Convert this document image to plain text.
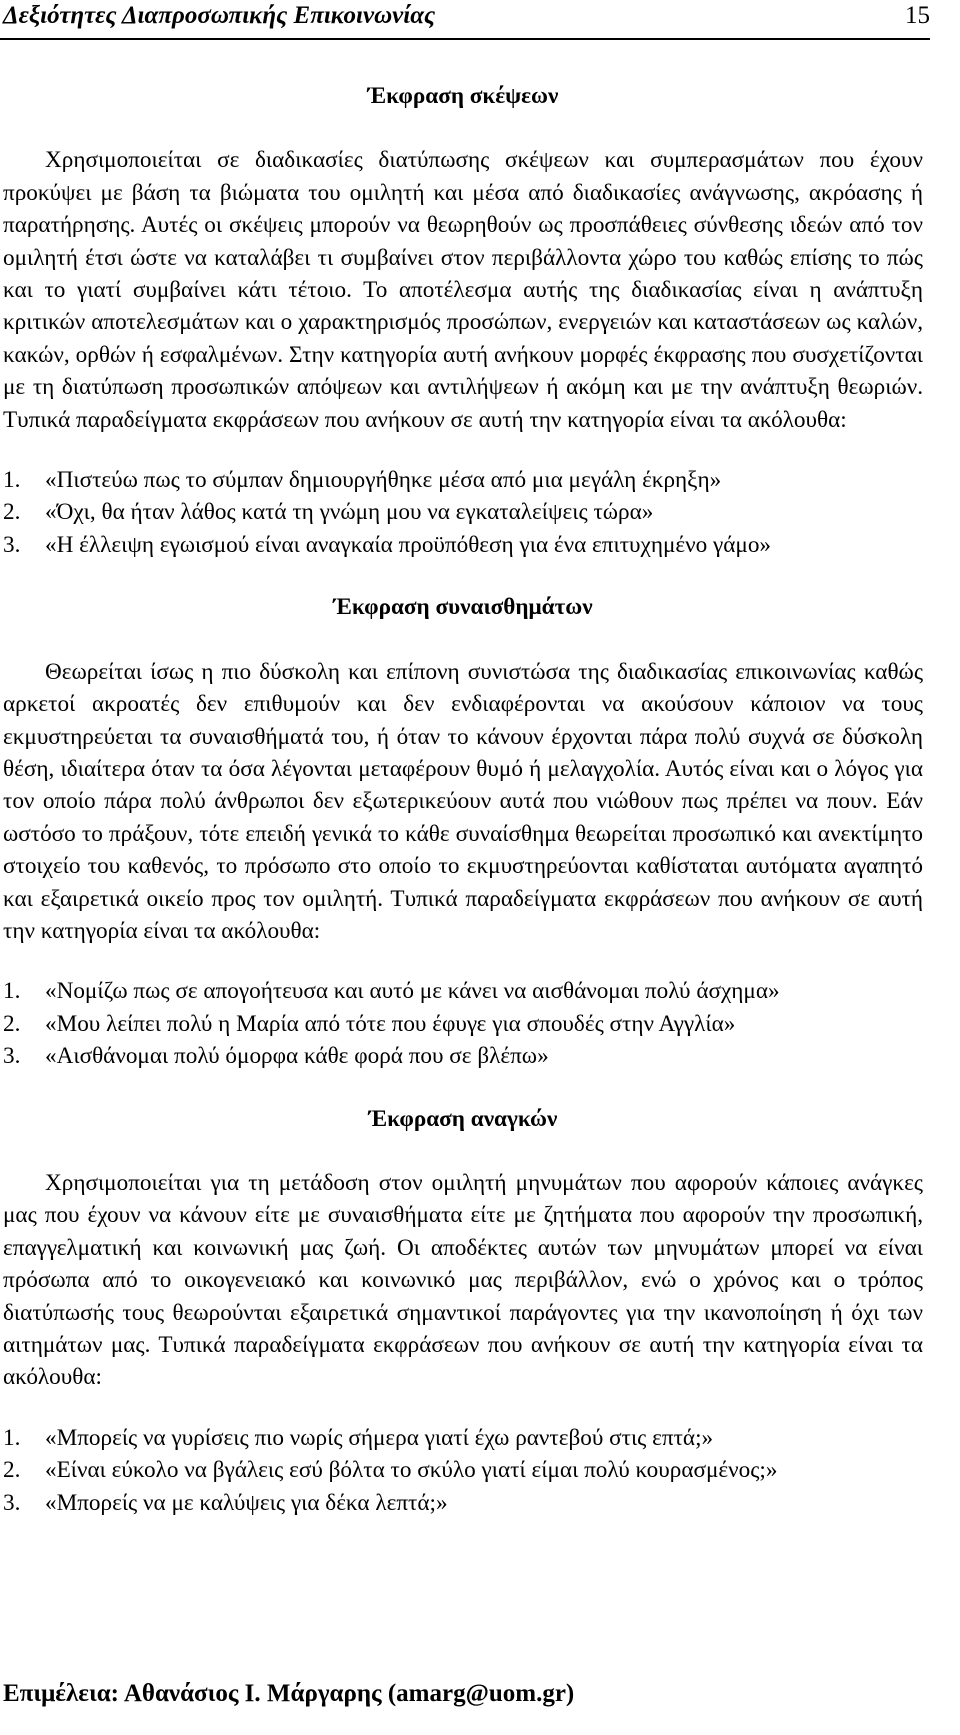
Δεξιότητες Διαπροσωπικής Επικοινωνίας	15
Έκφραση σκέψεων

Χρησιμοποιείται σε διαδικασίες διατύπωσης σκέψεων και συμπερασμάτων που έχουν προκύψει με βάση τα βιώματα του ομιλητή και μέσα από διαδικασίες ανάγνωσης, ακρόασης ή παρατήρησης. Αυτές οι σκέψεις μπορούν να θεωρηθούν ως προσπάθειες σύνθεσης ιδεών από τον ομιλητή έτσι ώστε να καταλάβει τι συμβαίνει στον περιβάλλοντα χώρο του καθώς επίσης το πώς και το γιατί συμβαίνει κάτι τέτοιο. Το αποτέλεσμα αυτής της διαδικασίας είναι η ανάπτυξη κριτικών αποτελεσμάτων και ο χαρακτηρισμός προσώπων, ενεργειών και καταστάσεων ως καλών, κακών, ορθών ή εσφαλμένων. Στην κατηγορία αυτή ανήκουν μορφές έκφρασης που συσχετίζονται με τη διατύπωση προσωπικών απόψεων και αντιλήψεων ή ακόμη και με την ανάπτυξη θεωριών. Τυπικά παραδείγματα εκφράσεων που ανήκουν σε αυτή την κατηγορία είναι τα ακόλουθα:

1.	«Πιστεύω πως το σύμπαν δημιουργήθηκε μέσα από μια μεγάλη έκρηξη»
2.	«Όχι, θα ήταν λάθος κατά τη γνώμη μου να εγκαταλείψεις τώρα»
3.	«Η έλλειψη εγωισμού είναι αναγκαία προϋπόθεση για ένα επιτυχημένο γάμο»
Έκφραση συναισθημάτων

Θεωρείται ίσως η πιο δύσκολη και επίπονη συνιστώσα της διαδικασίας επικοινωνίας καθώς αρκετοί ακροατές δεν επιθυμούν και δεν ενδιαφέρονται να ακούσουν κάποιον να τους εκμυστηρεύεται τα συναισθήματά του, ή όταν το κάνουν έρχονται πάρα πολύ συχνά σε δύσκολη θέση, ιδιαίτερα όταν τα όσα λέγονται μεταφέρουν θυμό ή μελαγχολία. Αυτός είναι και ο λόγος για τον οποίο πάρα πολύ άνθρωποι δεν εξωτερικεύουν αυτά που νιώθουν πως πρέπει να πουν. Εάν ωστόσο το πράξουν, τότε επειδή γενικά το κάθε συναίσθημα θεωρείται προσωπικό και ανεκτίμητο στοιχείο του καθενός, το πρόσωπο στο οποίο το εκμυστηρεύονται καθίσταται αυτόματα αγαπητό και εξαιρετικά οικείο προς τον ομιλητή. Τυπικά παραδείγματα εκφράσεων που ανήκουν σε αυτή την κατηγορία είναι τα ακόλουθα:

1.	«Νομίζω πως σε απογοήτευσα και αυτό με κάνει να αισθάνομαι πολύ άσχημα»
2.	«Μου λείπει πολύ η Μαρία από τότε που έφυγε για σπουδές στην Αγγλία»
3.	«Αισθάνομαι πολύ όμορφα κάθε φορά που σε βλέπω»
Έκφραση αναγκών

Χρησιμοποιείται για τη μετάδοση στον ομιλητή μηνυμάτων που αφορούν κάποιες ανάγκες μας που έχουν να κάνουν είτε με συναισθήματα είτε με ζητήματα που αφορούν την προσωπική, επαγγελματική και κοινωνική μας ζωή. Οι αποδέκτες αυτών των μηνυμάτων μπορεί να είναι πρόσωπα από το οικογενειακό και κοινωνικό μας περιβάλλον, ενώ ο χρόνος και ο τρόπος διατύπωσής τους θεωρούνται εξαιρετικά σημαντικοί παράγοντες για την ικανοποίηση ή όχι των αιτημάτων μας. Τυπικά παραδείγματα εκφράσεων που ανήκουν σε αυτή την κατηγορία είναι τα ακόλουθα:

1.	«Μπορείς να γυρίσεις πιο νωρίς σήμερα γιατί έχω ραντεβού στις επτά;»
2.	«Είναι εύκολο να βγάλεις εσύ βόλτα το σκύλο γιατί είμαι πολύ κουρασμένος;»
3.	«Μπορείς να με καλύψεις για δέκα λεπτά;»
Επιμέλεια: Αθανάσιος Ι. Μάργαρης (amarg@uom.gr)
